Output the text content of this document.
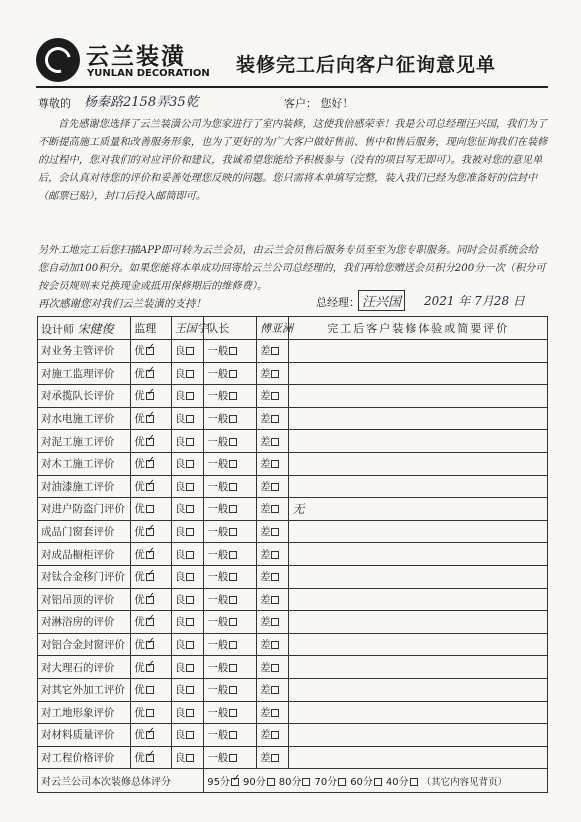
云兰装潢
YUNLAN DECORATION 装修完工后向客户征询意见单
尊敬的 杨秦路2158弄35乾	客户： 您好！
首先感谢您选择了云兰装潢公司为您家进行了室内装修，这使我倍感荣幸！我是公司总经理汪兴国，我们为了不断提高施工质量和改善服务形象，也为了更好的为广大客户做好售前、售中和售后服务，现向您征询我们在装修的过程中，您对我们的对应评价和建议，我诚希望您能给予积极参与（没有的项目写无即可）。我被对您的意见单后，会认真对待您的评价和妥善处理您反映的问题。您只需将本单填写完整，装入我们已经为您准备好的信封中（邮票已贴），封口后投入邮筒即可。
另外工地完工后您扫描APP即可转为云兰会员，由云兰会员售后服务专员至至为您专职服务。同时会员系统会给您自动加100积分。如果您能将本单成功回寄给云兰公司总经理的，我们再给您赠送会员积分200分一次（积分可按会员规则来兑换现金或抵用保修期后的维修费）。
再次感谢您对我们云兰装潢的支持！	总经理： 汪兴国	2021 年 7月28 日
设计师 宋健俊	监理	王国宇	队长	傅亚洲	完工后客户装修体验或简要评价
对业务主管评价	优✓	良	一般	差	
对施工监理评价	优✓	良	一般	差	
对承揽队长评价	优✓	良	一般	差	
对水电施工评价	优✓	良	一般	差	
对泥工施工评价	优✓	良	一般	差	
对木工施工评价	优✓	良	一般	差	
对油漆施工评价	优✓	良	一般	差	
对进户防盗门评价	优	良	一般	差	无
成品门窗套评价	优✓	良	一般	差	
对成品橱柜评价	优✓	良	一般	差	
对钛合金移门评价	优✓	良	一般	差	
对铝吊顶的评价	优✓	良	一般	差	
对淋浴房的评价	优✓	良	一般	差	
对铝合金封窗评价	优✓	良	一般	差	
对大理石的评价	优✓	良	一般	差	
对其它外加工评价	优	良	一般	差	
对工地形象评价	优	良	一般	差	
对材料质量评价	优✓	良	一般	差	
对工程价格评价	优✓	良	一般	差	
对云兰公司本次装修总体评分			95分 ✓ 90分 80分 70分 60分 40分 （其它内容见背页）
